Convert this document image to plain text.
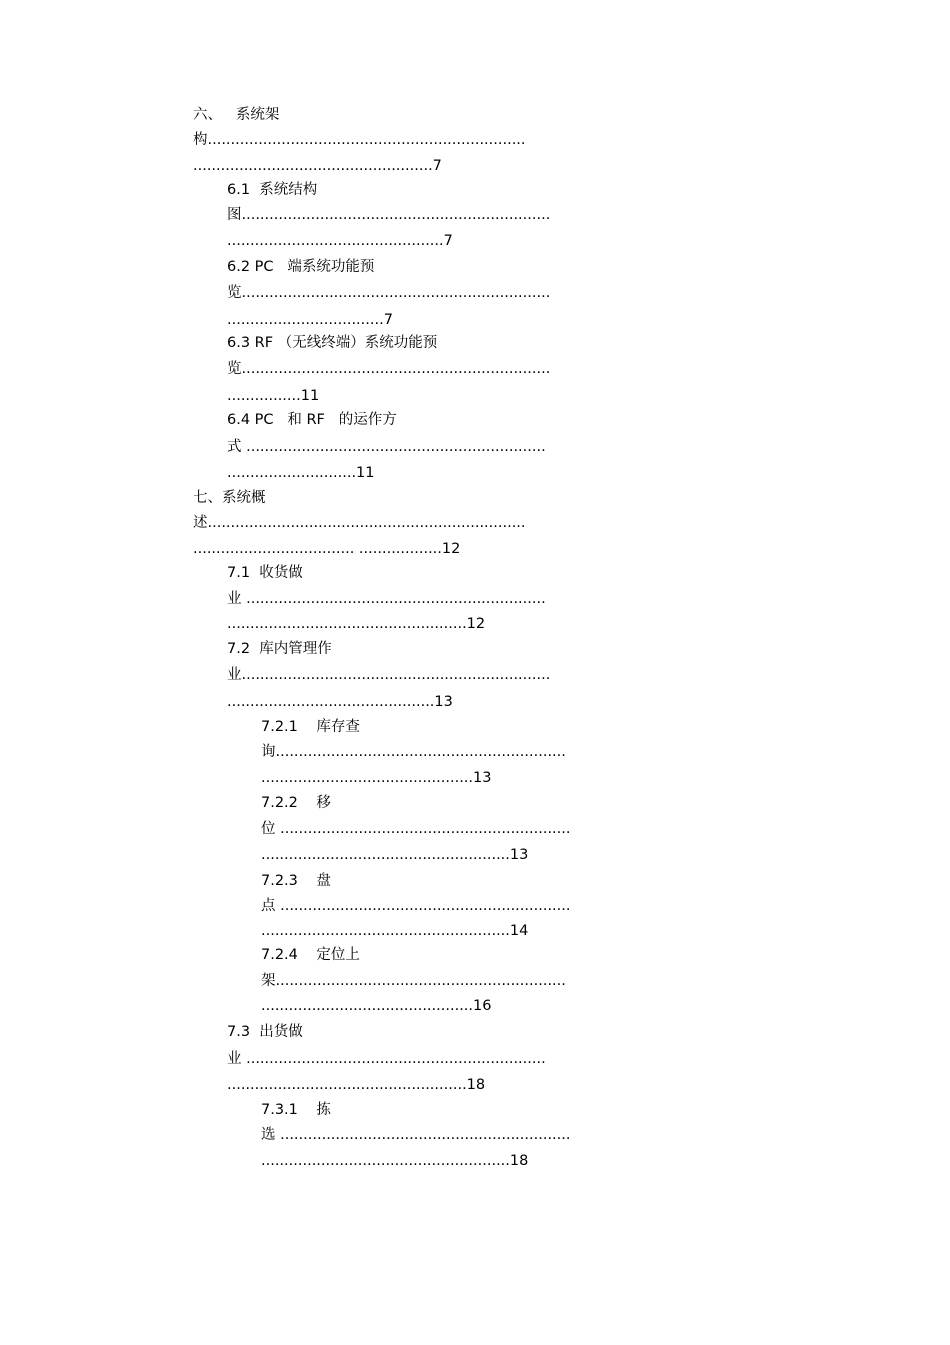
六、   系统架
构.....................................................................
....................................................7
6.1  系统结构
图...................................................................
...............................................7
6.2 PC   端系统功能预
览...................................................................
..................................7
6.3 RF （无线终端）系统功能预
览...................................................................
................11
6.4 PC   和 RF   的运作方
式 .................................................................
............................11
七、系统概
述.....................................................................
................................... ..................12
7.1  收货做
业 .................................................................
....................................................12
7.2  库内管理作
业...................................................................
.............................................13
7.2.1    库存查
询...............................................................
..............................................13
7.2.2    移
位 ...............................................................
......................................................13
7.2.3    盘
点 ...............................................................
......................................................14
7.2.4    定位上
架...............................................................
..............................................16
7.3  出货做
业 .................................................................
....................................................18
7.3.1    拣
选 ...............................................................
......................................................18
